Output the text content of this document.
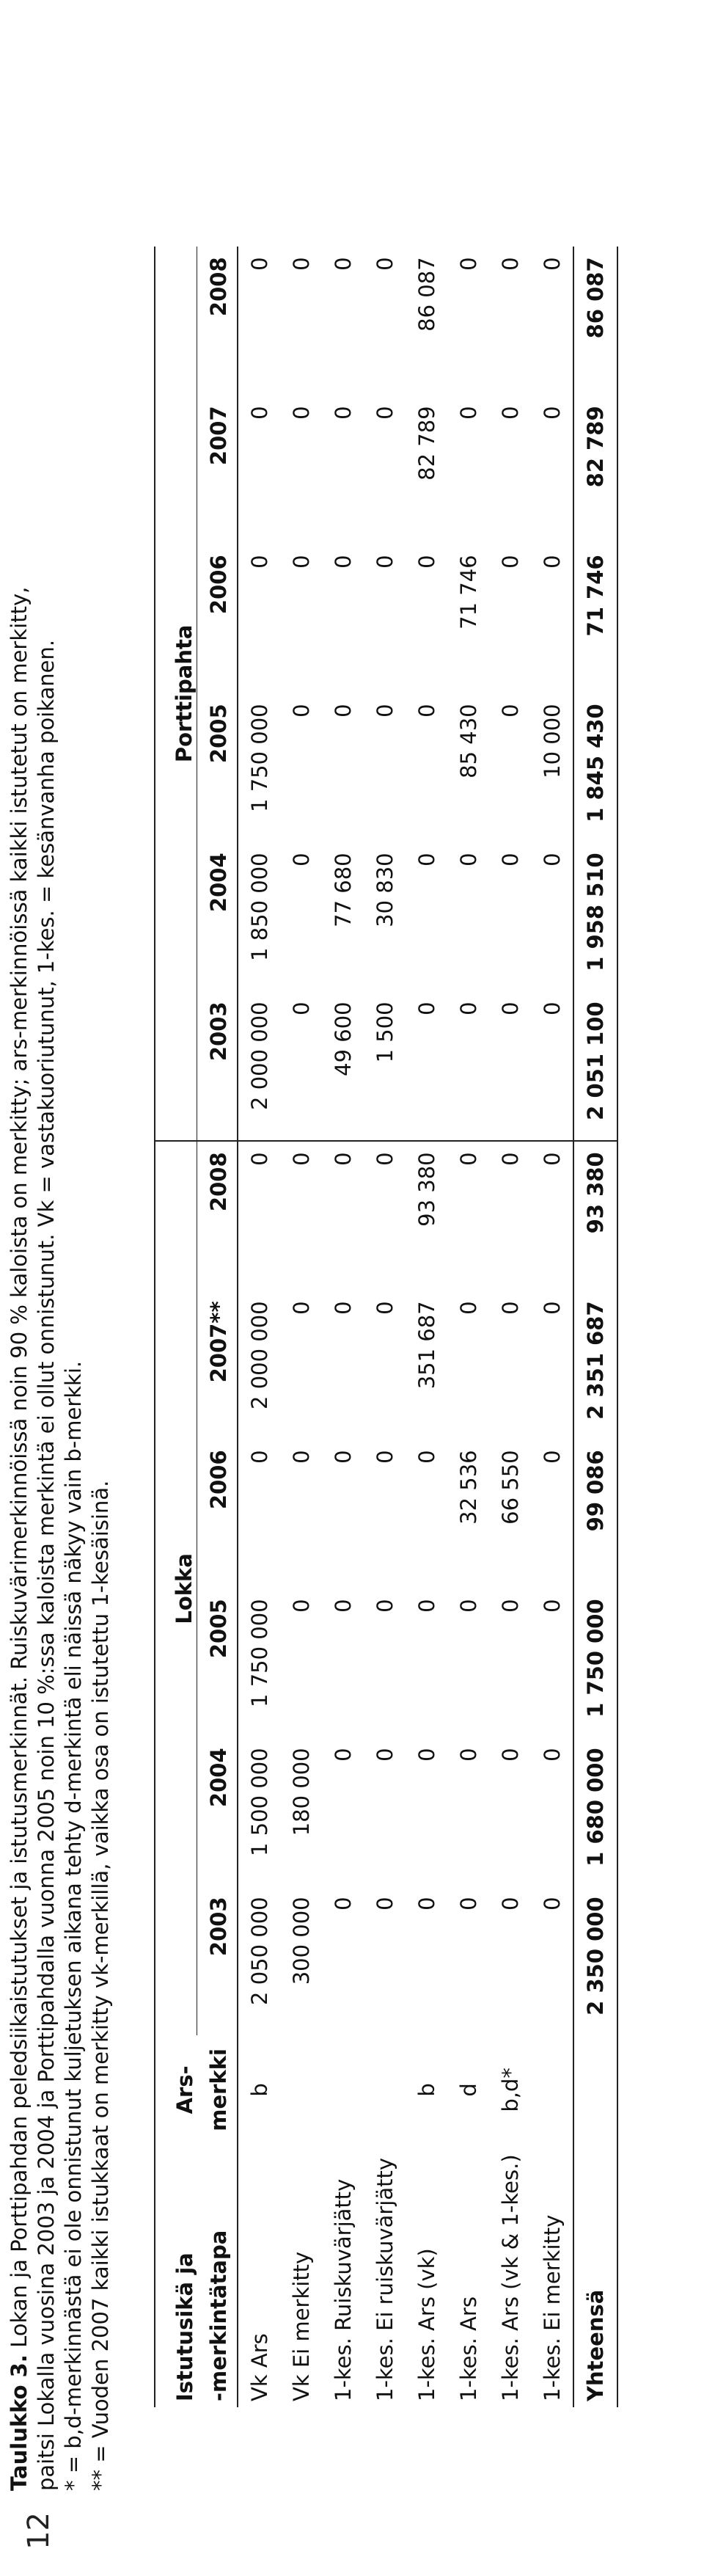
12

Taulukko 3. Lokan ja Porttipahdan peledsiikaistutukset ja istutusmerkinnät. Ruiskuvärimerkinnöissä noin 90 % kaloista on merkitty; ars-merkinnöissä kaikki istutetut on merkitty, paitsi Lokalla vuosina 2003 ja 2004 ja Porttipahdalla vuonna 2005 noin 10 %:ssa kaloista merkintä ei ollut onnistunut. Vk = vastakuoriutunut, 1-kes. = kesänvanha poikanen. * = b,d-merkinnästä ei ole onnistunut kuljetuksen aikana tehty d-merkintä eli näissä näkyy vain b-merkki. ** = Vuoden 2007 kaikki istukkaat on merkitty vk-merkillä, vaikka osa on istutettu 1-kesäisinä.	Istutusikä ja	Ars-	Lokka						Porttipahta					
-merkintätapa	merkki	2003	2004	2005	2006	2007**	2008	2003	2004	2005	2006	2007	2008
Vk Ars	b	2 050 000	1 500 000	1 750 000	0	2 000 000	0	2 000 000	1 850 000	1 750 000	0	0	0
Vk Ei merkitty		300 000	180 000	0	0	0	0	0	0	0	0	0	0
1-kes. Ruiskuvärjätty		0	0	0	0	0	0	49 600	77 680	0	0	0	0
1-kes. Ei ruiskuvärjätty		0	0	0	0	0	0	1 500	30 830	0	0	0	0
1-kes. Ars (vk)	b	0	0	0	0	351 687	93 380	0	0	0	0	82 789	86 087
1-kes. Ars	d	0	0	0	32 536	0	0	0	0	85 430	71 746	0	0
1-kes. Ars (vk & 1-kes.)	b,d*	0	0	0	66 550	0	0	0	0	0	0	0	0
1-kes. Ei merkitty		0	0	0	0	0	0	0	0	10 000	0	0	0
Yhteensä		2 350 000	1 680 000	1 750 000	99 086	2 351 687	93 380	2 051 100	1 958 510	1 845 430	71 746	82 789	86 087
